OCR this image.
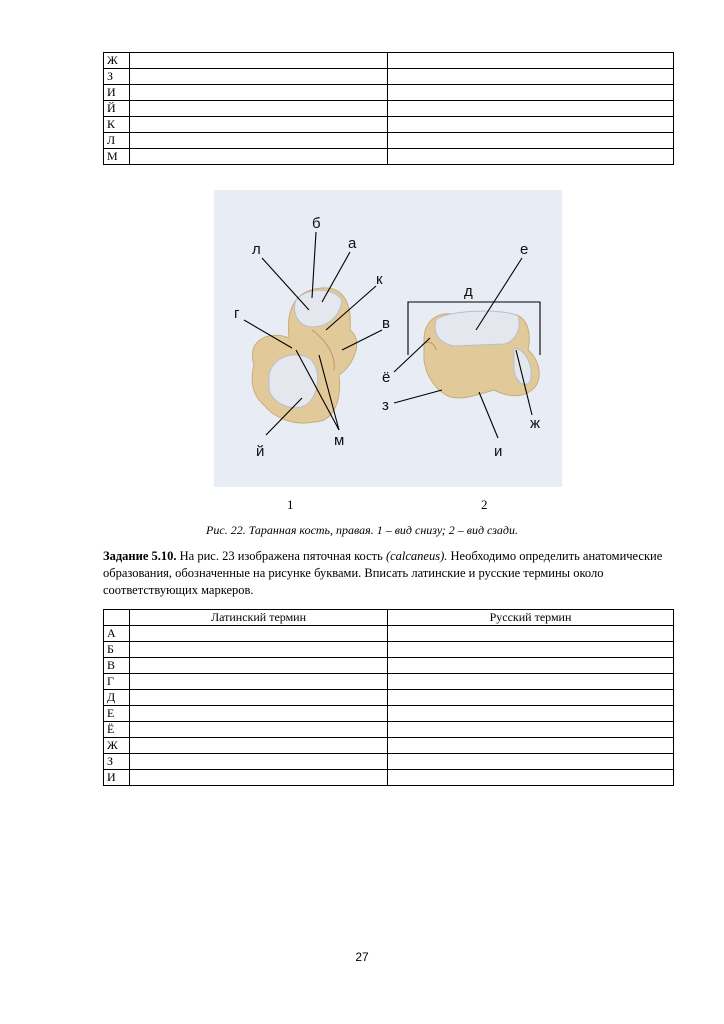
Ж		
З		
И		
Й		
К		
Л		
М		
л
б
а
к
в
г
й
м
д
е
ё
з
и
ж
1	2
Рис. 22. Таранная кость, правая. 1 – вид снизу; 2 – вид сзади.
Задание 5.10. На рис. 23 изображена пяточная кость (calcaneus). Необходимо определить анатомические образования, обозначенные на рисунке буквами. Вписать латинские и русские термины около соответствующих маркеров.
	Латинский термин	Русский термин
А		
Б		
В		
Г		
Д		
Е		
Ё		
Ж		
З		
И		
27
